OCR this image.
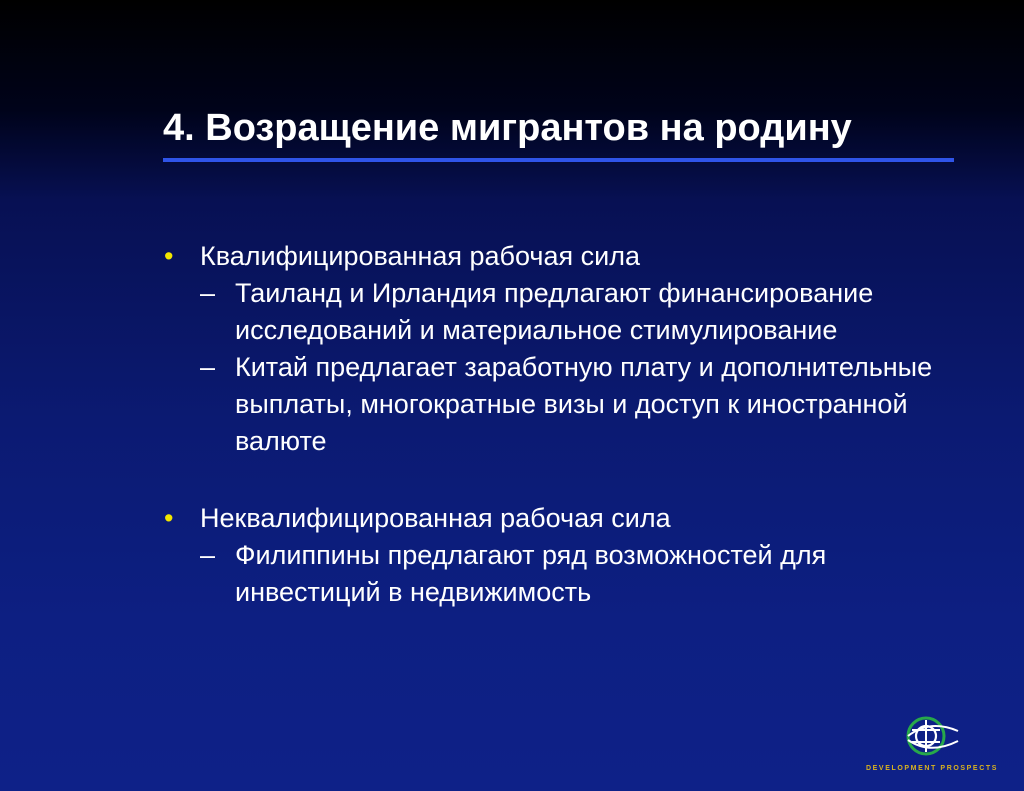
4. Возращение мигрантов на родину
• Квалифицированная рабочая сила
– Таиланд и Ирландия предлагают финансирование исследований и материальное стимулирование
– Китай предлагает заработную плату и дополнительные выплаты, многократные визы и доступ к иностранной валюте
• Неквалифицированная рабочая сила
– Филиппины предлагают ряд возможностей для инвестиций в недвижимость
DEVELOPMENT PROSPECTS
